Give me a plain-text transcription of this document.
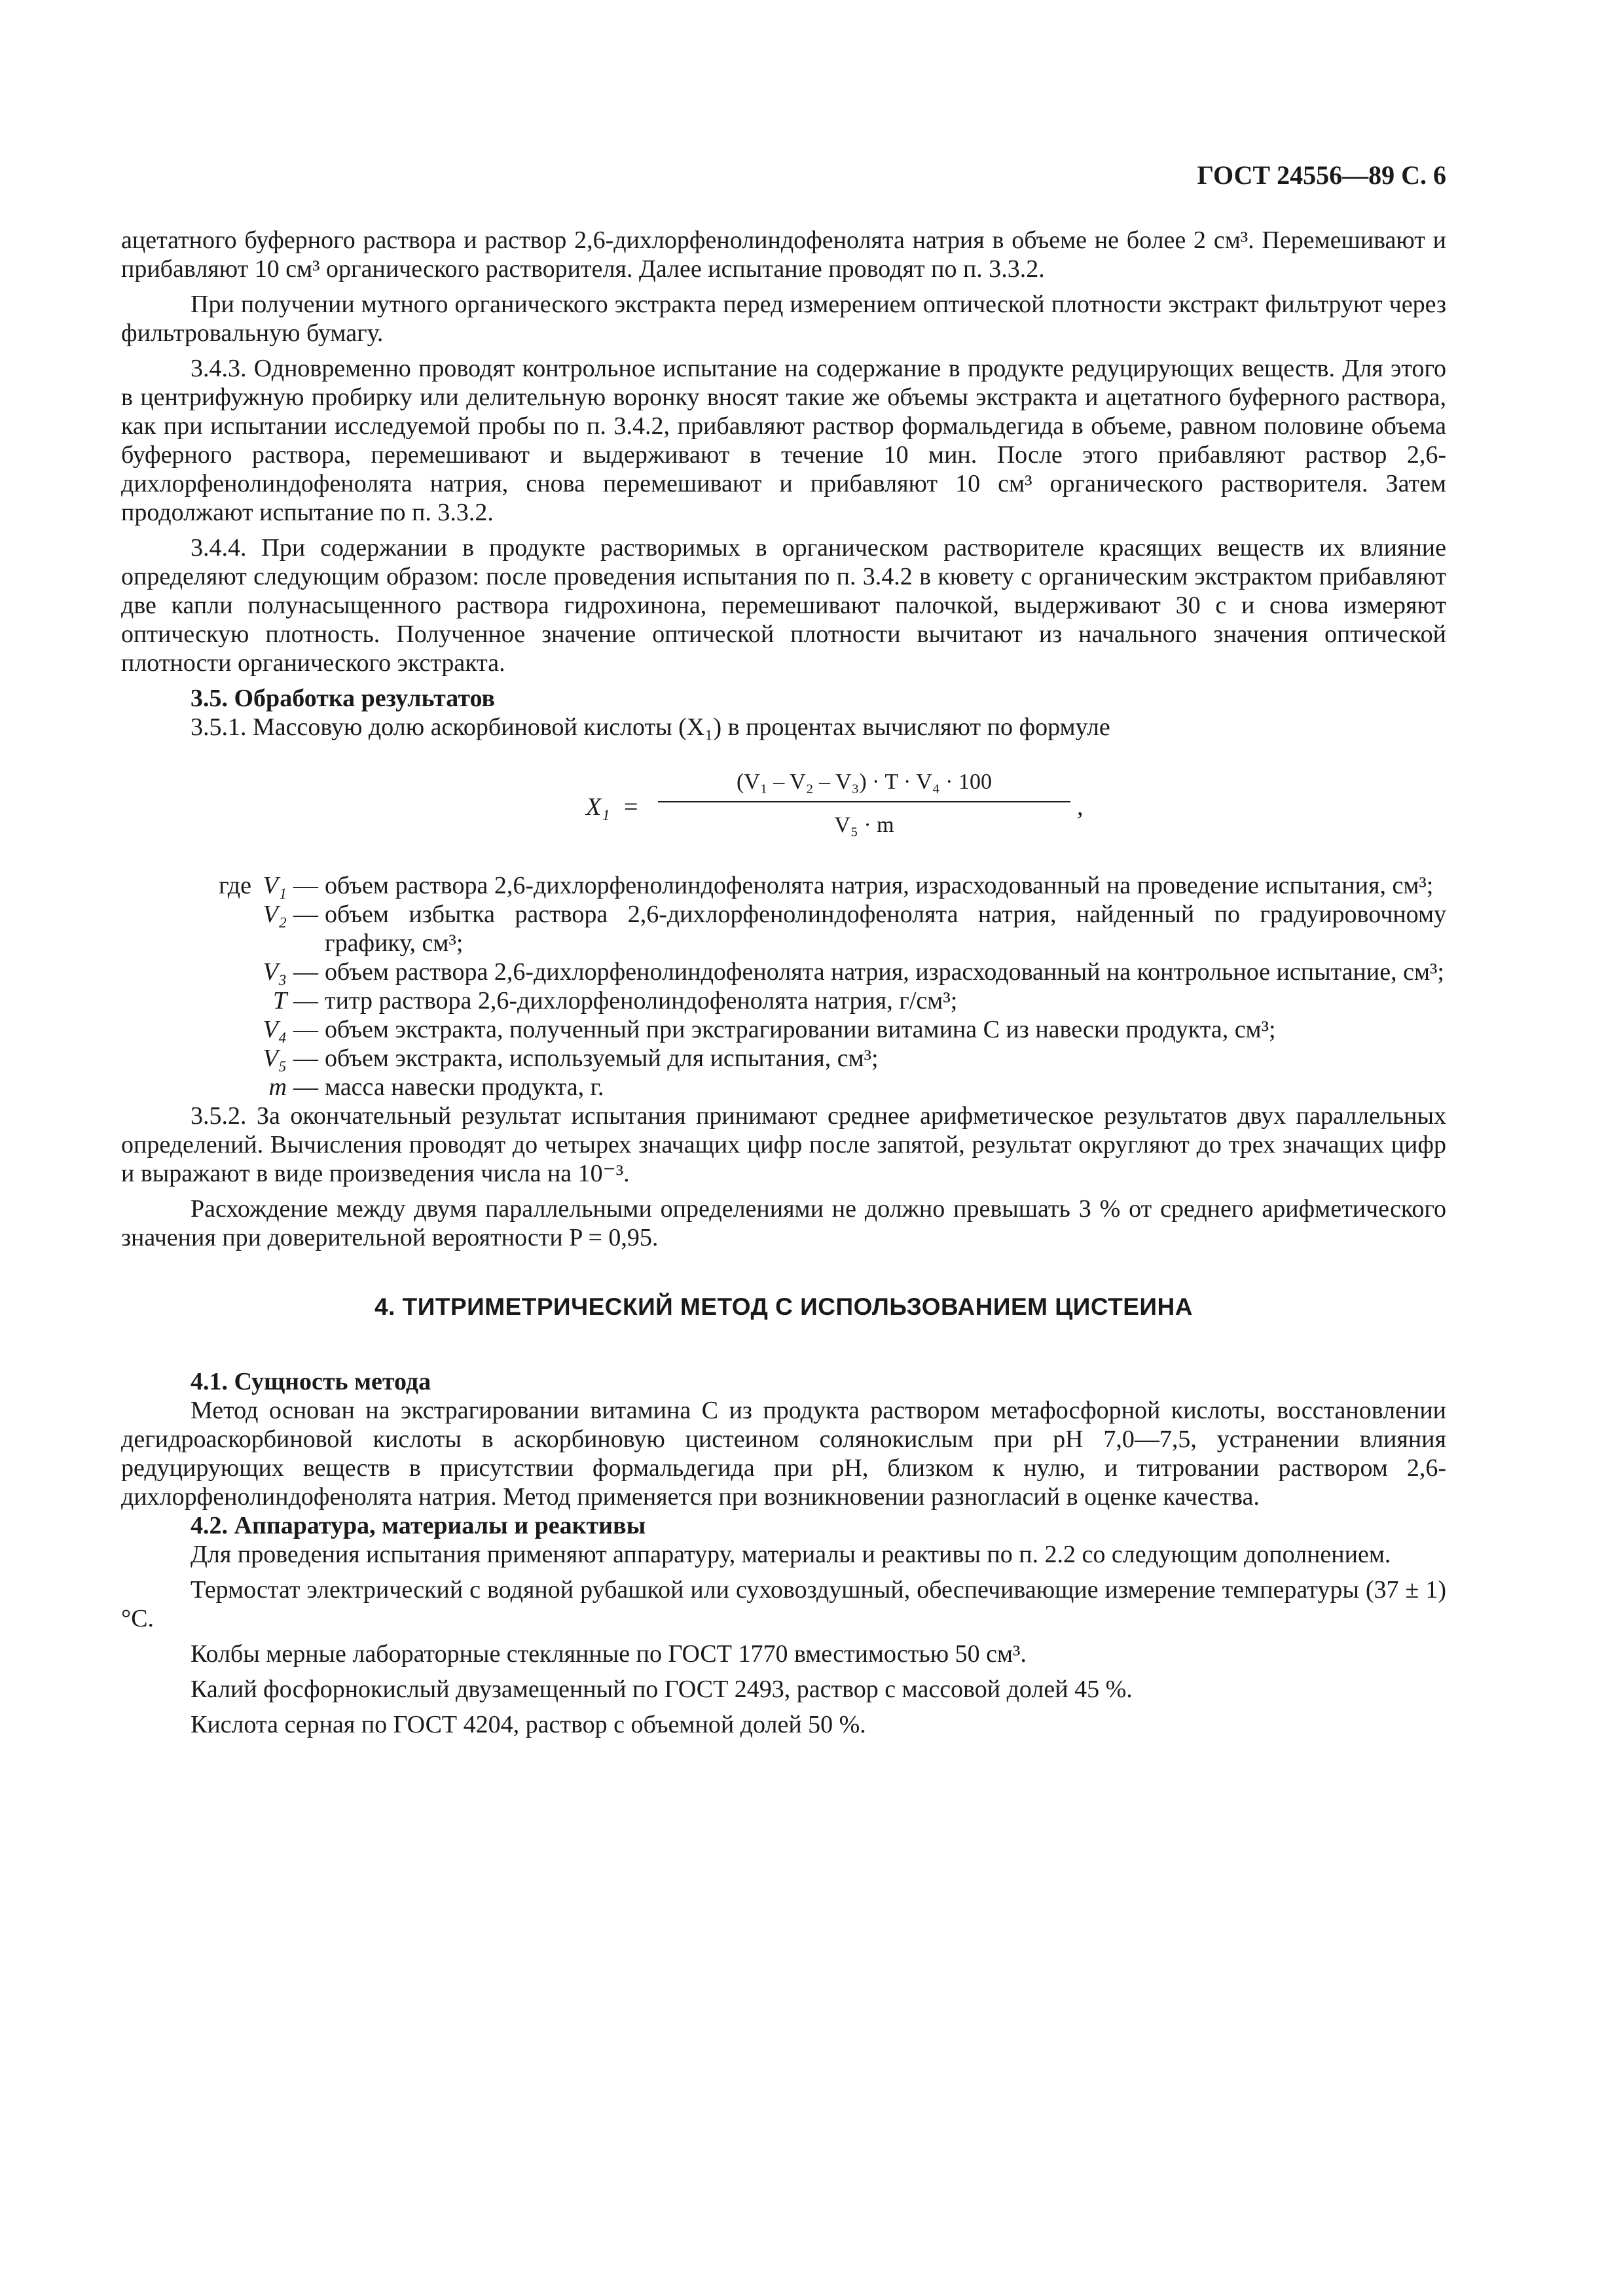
ГОСТ 24556—89 С. 6

ацетатного буферного раствора и раствор 2,6-дихлорфенолиндофенолята натрия в объеме не более 2 см³. Перемешивают и прибавляют 10 см³ органического растворителя. Далее испытание проводят по п. 3.3.2.

При получении мутного органического экстракта перед измерением оптической плотности экстракт фильтруют через фильтровальную бумагу.

3.4.3. Одновременно проводят контрольное испытание на содержание в продукте редуцирующих веществ. Для этого в центрифужную пробирку или делительную воронку вносят такие же объемы экстракта и ацетатного буферного раствора, как при испытании исследуемой пробы по п. 3.4.2, прибавляют раствор формальдегида в объеме, равном половине объема буферного раствора, перемешивают и выдерживают в течение 10 мин. После этого прибавляют раствор 2,6-дихлорфенолиндофенолята натрия, снова перемешивают и прибавляют 10 см³ органического растворителя. Затем продолжают испытание по п. 3.3.2.

3.4.4. При содержании в продукте растворимых в органическом растворителе красящих веществ их влияние определяют следующим образом: после проведения испытания по п. 3.4.2 в кювету с органическим экстрактом прибавляют две капли полунасыщенного раствора гидрохинона, перемешивают палочкой, выдерживают 30 с и снова измеряют оптическую плотность. Полученное значение оптической плотности вычитают из начального значения оптической плотности органического экстракта.

3.5. Обработка результатов

3.5.1. Массовую долю аскорбиновой кислоты (X₁) в процентах вычисляют по формуле

X₁ =
(V₁ – V₂ – V₃) · T · V₄ · 100
V₅ · m
,
где V₁ — объем раствора 2,6-дихлорфенолиндофенолята натрия, израсходованный на проведение испытания, см³;
V₂ — объем избытка раствора 2,6-дихлорфенолиндофенолята натрия, найденный по градуировочному графику, см³;
V₃ — объем раствора 2,6-дихлорфенолиндофенолята натрия, израсходованный на контрольное испытание, см³;
T — титр раствора 2,6-дихлорфенолиндофенолята натрия, г/см³;
V₄ — объем экстракта, полученный при экстрагировании витамина С из навески продукта, см³;
V₅ — объем экстракта, используемый для испытания, см³;
m — масса навески продукта, г.

3.5.2. За окончательный результат испытания принимают среднее арифметическое результатов двух параллельных определений. Вычисления проводят до четырех значащих цифр после запятой, результат округляют до трех значащих цифр и выражают в виде произведения числа на 10⁻³.

Расхождение между двумя параллельными определениями не должно превышать 3 % от среднего арифметического значения при доверительной вероятности P = 0,95.

4. ТИТРИМЕТРИЧЕСКИЙ МЕТОД С ИСПОЛЬЗОВАНИЕМ ЦИСТЕИНА

4.1. Сущность метода

Метод основан на экстрагировании витамина С из продукта раствором метафосфорной кислоты, восстановлении дегидроаскорбиновой кислоты в аскорбиновую цистеином солянокислым при рН 7,0—7,5, устранении влияния редуцирующих веществ в присутствии формальдегида при рН, близком к нулю, и титровании раствором 2,6-дихлорфенолиндофенолята натрия. Метод применяется при возникновении разногласий в оценке качества.

4.2. Аппаратура, материалы и реактивы

Для проведения испытания применяют аппаратуру, материалы и реактивы по п. 2.2 со следующим дополнением.

Термостат электрический с водяной рубашкой или суховоздушный, обеспечивающие измерение температуры (37 ± 1)°С.

Колбы мерные лабораторные стеклянные по ГОСТ 1770 вместимостью 50 см³.

Калий фосфорнокислый двузамещенный по ГОСТ 2493, раствор с массовой долей 45 %.

Кислота серная по ГОСТ 4204, раствор с объемной долей 50 %.
